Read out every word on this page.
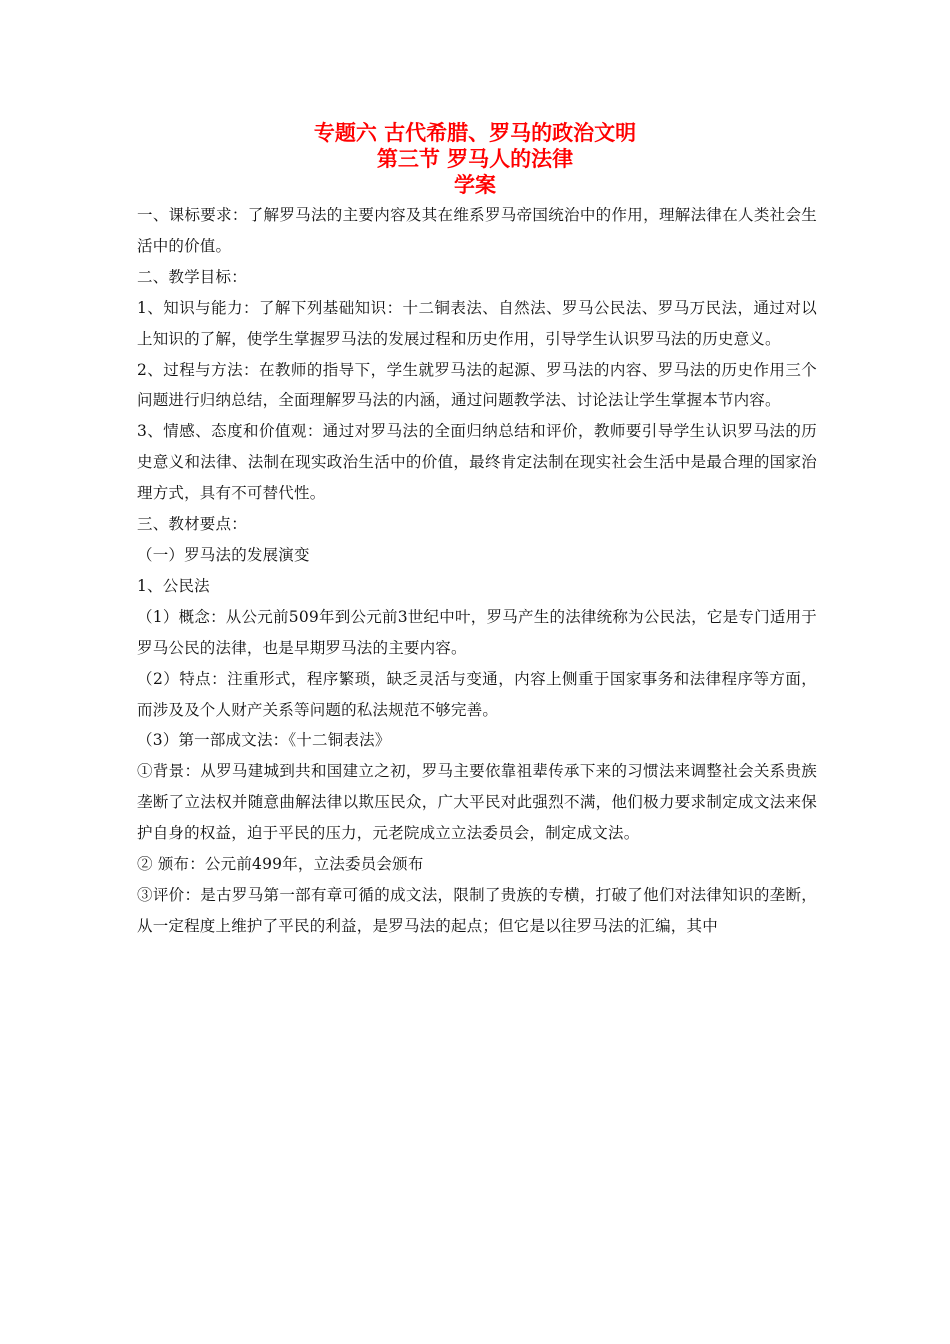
专题六 古代希腊、罗马的政治文明
第三节 罗马人的法律
学案

一、课标要求：了解罗马法的主要内容及其在维系罗马帝国统治中的作用，理解法律在人类社会生活中的价值。

二、教学目标：

1、知识与能力：了解下列基础知识：十二铜表法、自然法、罗马公民法、罗马万民法，通过对以上知识的了解，使学生掌握罗马法的发展过程和历史作用，引导学生认识罗马法的历史意义。

2、过程与方法：在教师的指导下，学生就罗马法的起源、罗马法的内容、罗马法的历史作用三个问题进行归纳总结，全面理解罗马法的内涵，通过问题教学法、讨论法让学生掌握本节内容。

3、情感、态度和价值观：通过对罗马法的全面归纳总结和评价，教师要引导学生认识罗马法的历史意义和法律、法制在现实政治生活中的价值，最终肯定法制在现实社会生活中是最合理的国家治理方式，具有不可替代性。

三、教材要点：

（一）罗马法的发展演变

1、公民法

（1）概念：从公元前509年到公元前3世纪中叶，罗马产生的法律统称为公民法，它是专门适用于罗马公民的法律，也是早期罗马法的主要内容。

（2）特点：注重形式，程序繁琐，缺乏灵活与变通，内容上侧重于国家事务和法律程序等方面，而涉及及个人财产关系等问题的私法规范不够完善。

（3）第一部成文法：《十二铜表法》

①背景：从罗马建城到共和国建立之初，罗马主要依靠祖辈传承下来的习惯法来调整社会关系贵族垄断了立法权并随意曲解法律以欺压民众，广大平民对此强烈不满，他们极力要求制定成文法来保护自身的权益，迫于平民的压力，元老院成立立法委员会，制定成文法。

② 颁布：公元前499年，立法委员会颁布

③评价：是古罗马第一部有章可循的成文法，限制了贵族的专横，打破了他们对法律知识的垄断，从一定程度上维护了平民的利益，是罗马法的起点；但它是以往罗马法的汇编，其中
